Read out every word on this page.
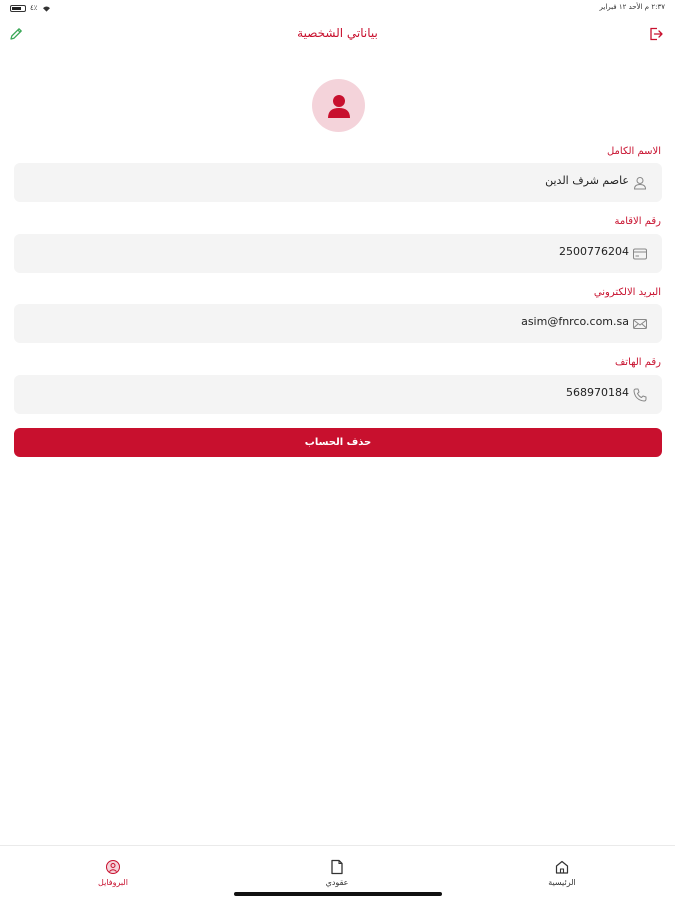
٤٪	٢:٣٧ م الأحد ١٢ فبراير
بياناتي الشخصية
الاسم الكامل
عاصم شرف الدين
رقم الاقامة
2500776204
البريد الالكتروني
asim@fnrco.com.sa
رقم الهاتف
568970184
حذف الحساب
البروفايل	عقودي	الرئيسية
